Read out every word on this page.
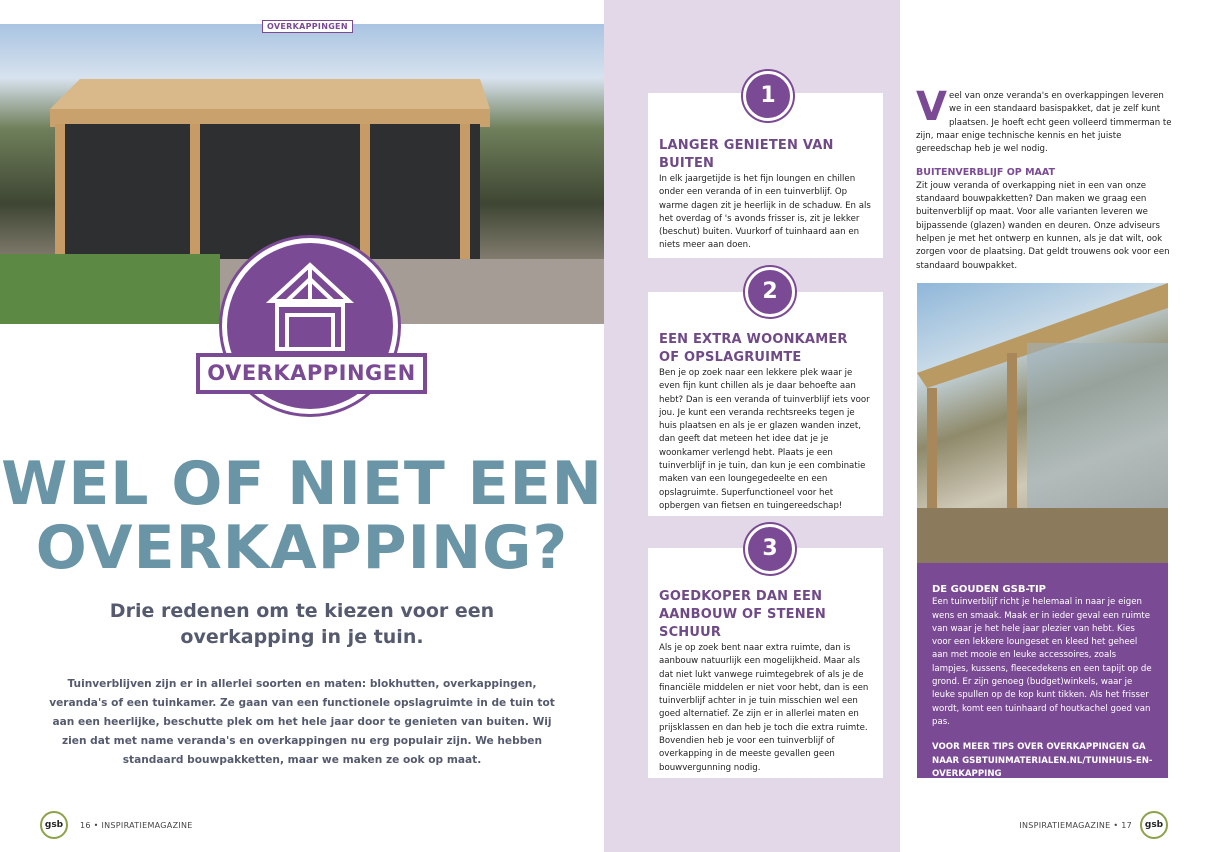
OVERKAPPINGEN
OVERKAPPINGEN
WEL OF NIET EEN
OVERKAPPING?
Drie redenen om te kiezen voor een overkapping in je tuin.
Tuinverblijven zijn er in allerlei soorten en maten: blokhutten, overkappingen, veranda's of een tuinkamer. Ze gaan van een functionele opslagruimte in de tuin tot aan een heerlijke, beschutte plek om het hele jaar door te genieten van buiten. Wij zien dat met name veranda's en overkappingen nu erg populair zijn. We hebben standaard bouwpakketten, maar we maken ze ook op maat.
gsb	16 • INSPIRATIEMAGAZINE
LANGER GENIETEN VAN BUITEN

In elk jaargetijde is het fijn loungen en chillen onder een veranda of in een tuinverblijf. Op warme dagen zit je heerlijk in de schaduw. En als het overdag of 's avonds frisser is, zit je lekker (beschut) buiten. Vuurkorf of tuinhaard aan en niets meer aan doen.

1
EEN EXTRA WOONKAMER OF OPSLAGRUIMTE

Ben je op zoek naar een lekkere plek waar je even fijn kunt chillen als je daar behoefte aan hebt? Dan is een veranda of tuinverblijf iets voor jou. Je kunt een veranda rechtsreeks tegen je huis plaatsen en als je er glazen wanden inzet, dan geeft dat meteen het idee dat je je woonkamer verlengd hebt. Plaats je een tuinverblijf in je tuin, dan kun je een combinatie maken van een loungegedeelte en een opslagruimte. Superfunctioneel voor het opbergen van fietsen en tuingereedschap!

2
GOEDKOPER DAN EEN AANBOUW OF STENEN SCHUUR

Als je op zoek bent naar extra ruimte, dan is aanbouw natuurlijk een mogelijkheid. Maar als dat niet lukt vanwege ruimtegebrek of als je de financiële middelen er niet voor hebt, dan is een tuinverblijf achter in je tuin misschien wel een goed alternatief. Ze zijn er in allerlei maten en prijsklassen en dan heb je toch die extra ruimte. Bovendien heb je voor een tuinverblijf of overkapping in de meeste gevallen geen bouwvergunning nodig.

3
V eel van onze veranda's en overkappingen leveren we in een standaard basispakket, dat je zelf kunt plaatsen. Je hoeft echt geen volleerd timmerman te zijn, maar enige technische kennis en het juiste gereedschap heb je wel nodig.
BUITENVERBLIJF OP MAAT
Zit jouw veranda of overkapping niet in een van onze standaard bouwpakketten? Dan maken we graag een buitenverblijf op maat. Voor alle varianten leveren we bijpassende (glazen) wanden en deuren. Onze adviseurs helpen je met het ontwerp en kunnen, als je dat wilt, ook zorgen voor de plaatsing. Dat geldt trouwens ook voor een standaard bouwpakket.
DE GOUDEN GSB-TIP

Een tuinverblijf richt je helemaal in naar je eigen wens en smaak. Maak er in ieder geval een ruimte van waar je het hele jaar plezier van hebt. Kies voor een lekkere loungeset en kleed het geheel aan met mooie en leuke accessoires, zoals lampjes, kussens, fleecedekens en een tapijt op de grond. Er zijn genoeg (budget)winkels, waar je leuke spullen op de kop kunt tikken. Als het frisser wordt, komt een tuinhaard of houtkachel goed van pas.

VOOR MEER TIPS OVER OVERKAPPINGEN GA NAAR GSBTUINMATERIALEN.NL/TUINHUIS-EN-OVERKAPPING

INSPIRATIEMAGAZINE • 17	gsb
